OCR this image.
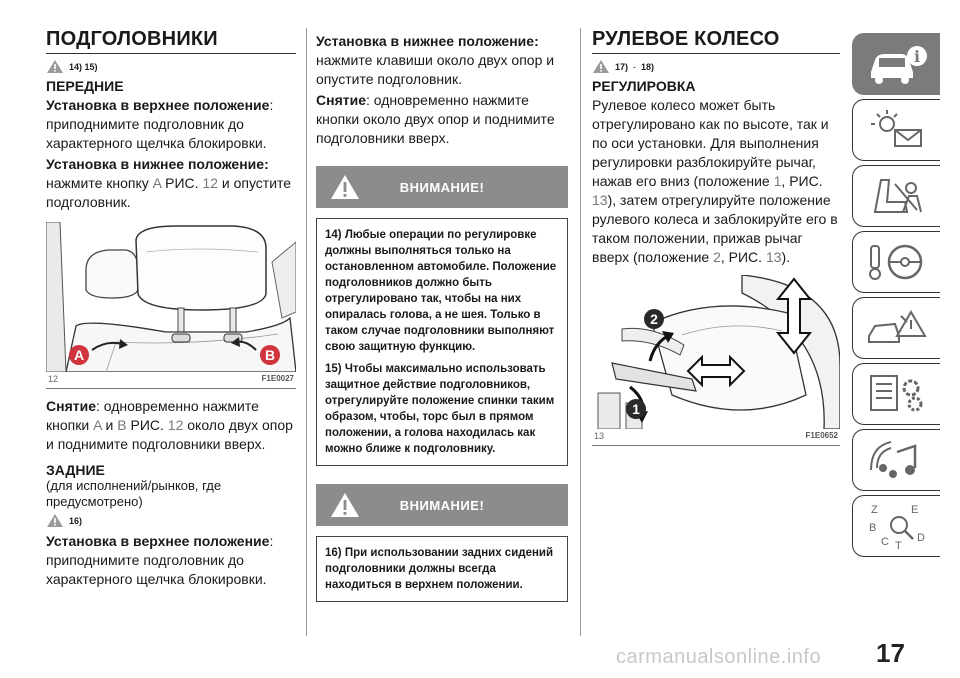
ПОДГОЛОВНИКИ
14) 15)
ПЕРЕДНИЕ

Установка в верхнее положение:
приподнимите подголовник до характерного щелчка блокировки.

Установка в нижнее положение:
нажмите кнопку A РИС. 12 и опустите подголовник.

A	B
12	F1E0027

Снятие: одновременно нажмите кнопки A и B РИС. 12 около двух опор и поднимите подголовники вверх.

ЗАДНИЕ

(для исполнений/рынков, где предусмотрено)

16)

Установка в верхнее положение:
приподнимите подголовник до характерного щелчка блокировки.

Установка в нижнее положение:
нажмите клавиши около двух опор и опустите подголовник.

Снятие: одновременно нажмите кнопки около двух опор и поднимите подголовники вверх.

ВНИМАНИЕ!

14) Любые операции по регулировке должны выполняться только на остановленном автомобиле. Положение подголовников должно быть отрегулировано так, чтобы на них опиралась голова, а не шея. Только в таком случае подголовники выполняют свою защитную функцию.

15) Чтобы максимально использовать защитное действие подголовников, отрегулируйте положение спинки таким образом, чтобы, торс был в прямом положении, а голова находилась как можно ближе к подголовнику.

ВНИМАНИЕ!

16) При использовании задних сидений подголовники должны всегда находиться в верхнем положении.

РУЛЕВОЕ КОЛЕСО
17) - 18)
РЕГУЛИРОВКА

Рулевое колесо может быть отрегулировано как по высоте, так и по оси установки. Для выполнения регулировки разблокируйте рычаг, нажав его вниз (положение 1, РИС. 13), затем отрегулируйте положение рулевого колеса и заблокируйте его в таком положении, прижав рычаг вверх (положение 2, РИС. 13).

2
1
13	F1E0652
i
Z	E
B
C T
D
carmanualsonline.info 17
